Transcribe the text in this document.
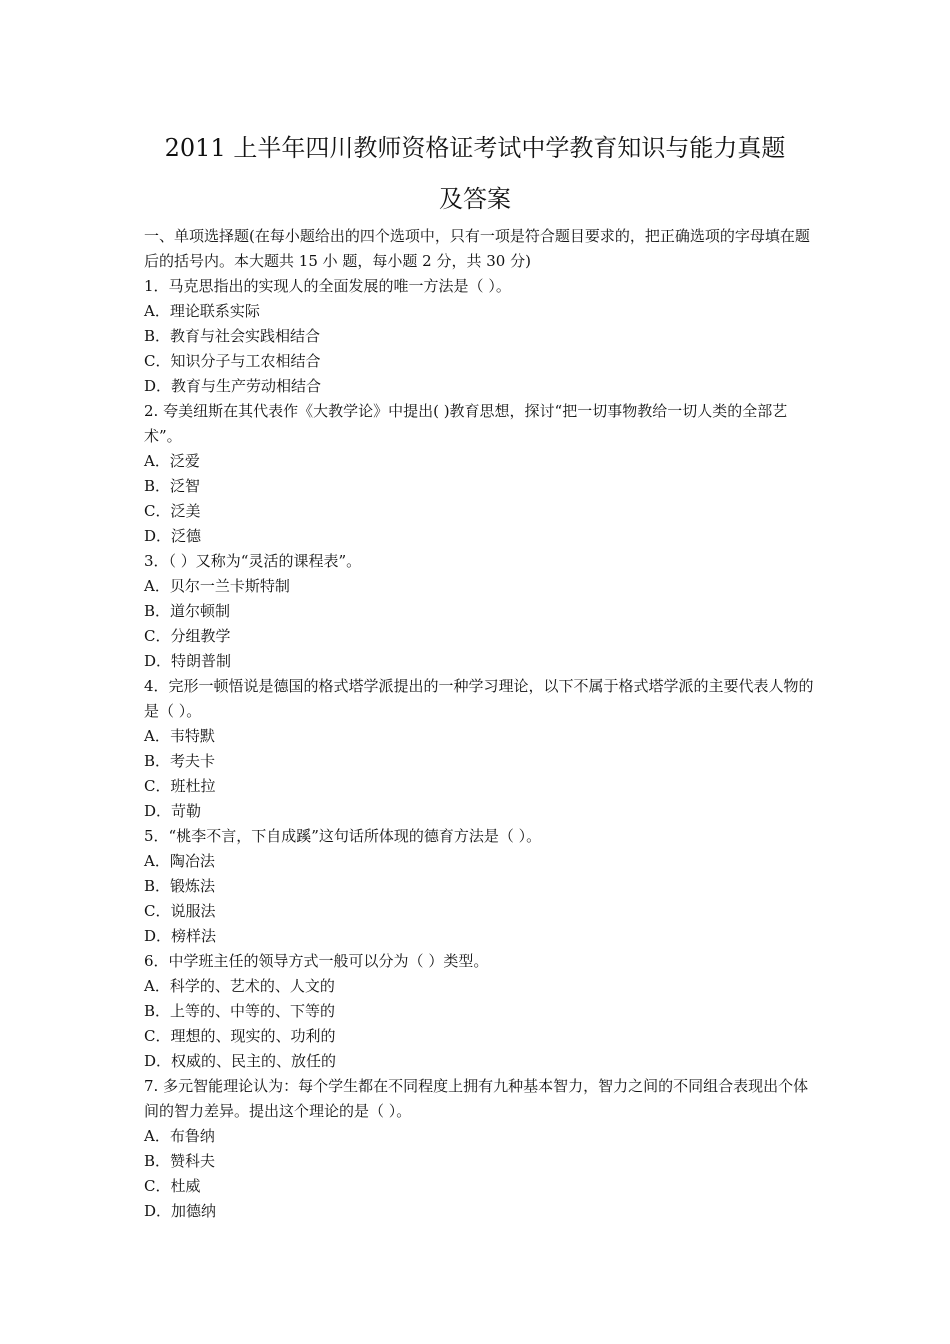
2011 上半年四川教师资格证考试中学教育知识与能力真题
及答案

一、单项选择题(在每小题给出的四个选项中，只有一项是符合题目要求的，把正确选项的字母填在题后的括号内。本大题共 15 小 题，每小题 2 分，共 30 分)

1．马克思指出的实现人的全面发展的唯一方法是（ ）。

A．理论联系实际

B．教育与社会实践相结合

C．知识分子与工农相结合

D．教育与生产劳动相结合

2. 夸美纽斯在其代表作《大教学论》中提出( )教育思想，探讨“把一切事物教给一切人类的全部艺术”。

A．泛爱

B．泛智

C．泛美

D．泛德

3．（ ）又称为“灵活的课程表”。

A．贝尔一兰卡斯特制

B．道尔顿制

C．分组教学

D．特朗普制

4．完形一顿悟说是德国的格式塔学派提出的一种学习理论，以下不属于格式塔学派的主要代表人物的是（ ）。

A．韦特默

B．考夫卡

C．班杜拉

D．苛勒

5．“桃李不言，下自成蹊”这句话所体现的德育方法是（ ）。

A．陶冶法

B．锻炼法

C．说服法

D．榜样法

6．中学班主任的领导方式一般可以分为（ ）类型。

A．科学的、艺术的、人文的

B．上等的、中等的、下等的

C．理想的、现实的、功利的

D．权威的、民主的、放任的

7. 多元智能理论认为：每个学生都在不同程度上拥有九种基本智力，智力之间的不同组合表现出个体间的智力差异。提出这个理论的是（ ）。

A．布鲁纳

B．赞科夫

C．杜威

D．加德纳
